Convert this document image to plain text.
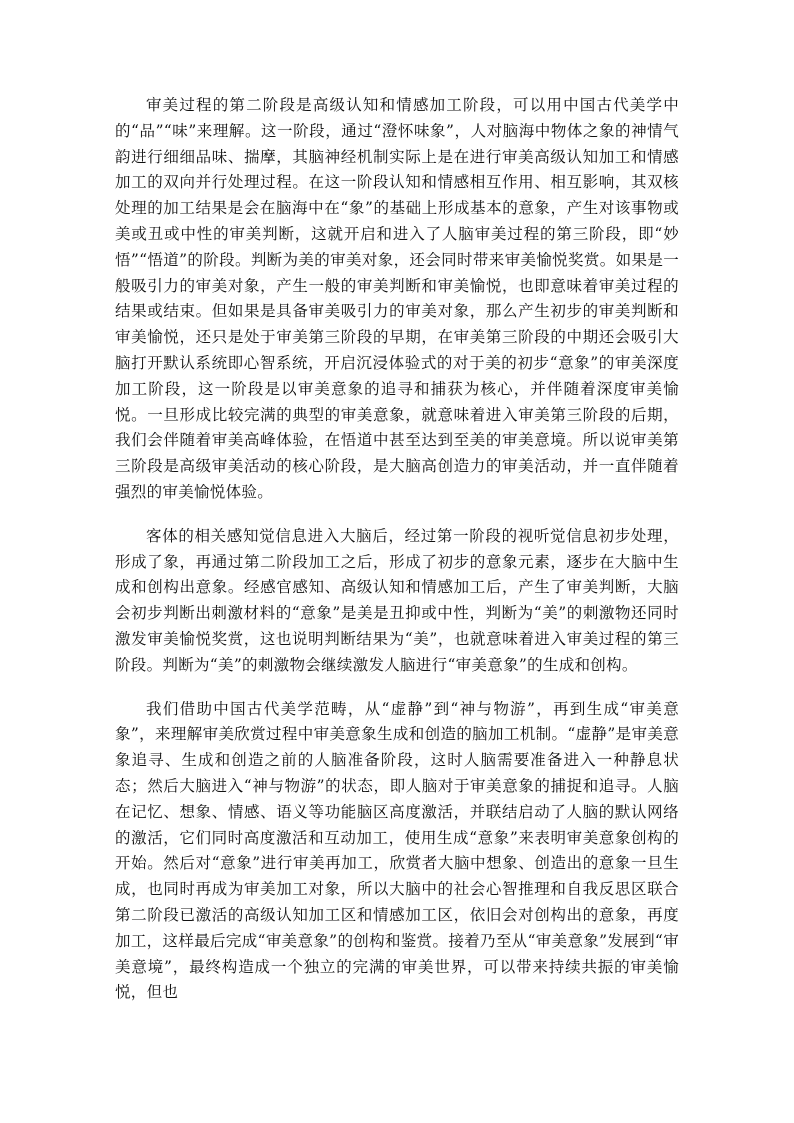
审美过程的第二阶段是高级认知和情感加工阶段，可以用中国古代美学中的“品”“味”来理解。这一阶段，通过“澄怀味象”，人对脑海中物体之象的神情气韵进行细细品味、揣摩，其脑神经机制实际上是在进行审美高级认知加工和情感加工的双向并行处理过程。在这一阶段认知和情感相互作用、相互影响，其双核处理的加工结果是会在脑海中在“象”的基础上形成基本的意象，产生对该事物或美或丑或中性的审美判断，这就开启和进入了人脑审美过程的第三阶段，即“妙悟”“悟道”的阶段。判断为美的审美对象，还会同时带来审美愉悦奖赏。如果是一般吸引力的审美对象，产生一般的审美判断和审美愉悦，也即意味着审美过程的结果或结束。但如果是具备审美吸引力的审美对象，那么产生初步的审美判断和审美愉悦，还只是处于审美第三阶段的早期，在审美第三阶段的中期还会吸引大脑打开默认系统即心智系统，开启沉浸体验式的对于美的初步“意象”的审美深度加工阶段，这一阶段是以审美意象的追寻和捕获为核心，并伴随着深度审美愉悦。一旦形成比较完满的典型的审美意象，就意味着进入审美第三阶段的后期，我们会伴随着审美高峰体验，在悟道中甚至达到至美的审美意境。所以说审美第三阶段是高级审美活动的核心阶段，是大脑高创造力的审美活动，并一直伴随着强烈的审美愉悦体验。

客体的相关感知觉信息进入大脑后，经过第一阶段的视听觉信息初步处理，形成了象，再通过第二阶段加工之后，形成了初步的意象元素，逐步在大脑中生成和创构出意象。经感官感知、高级认知和情感加工后，产生了审美判断，大脑会初步判断出刺激材料的“意象”是美是丑抑或中性，判断为“美”的刺激物还同时激发审美愉悦奖赏，这也说明判断结果为“美”，也就意味着进入审美过程的第三阶段。判断为“美”的刺激物会继续激发人脑进行“审美意象”的生成和创构。

我们借助中国古代美学范畴，从“虚静”到“神与物游”，再到生成“审美意象”，来理解审美欣赏过程中审美意象生成和创造的脑加工机制。“虚静”是审美意象追寻、生成和创造之前的人脑准备阶段，这时人脑需要准备进入一种静息状态；然后大脑进入“神与物游”的状态，即人脑对于审美意象的捕捉和追寻。人脑在记忆、想象、情感、语义等功能脑区高度激活，并联结启动了人脑的默认网络的激活，它们同时高度激活和互动加工，使用生成“意象”来表明审美意象创构的开始。然后对“意象”进行审美再加工，欣赏者大脑中想象、创造出的意象一旦生成，也同时再成为审美加工对象，所以大脑中的社会心智推理和自我反思区联合第二阶段已激活的高级认知加工区和情感加工区，依旧会对创构出的意象，再度加工，这样最后完成“审美意象”的创构和鉴赏。接着乃至从“审美意象”发展到“审美意境”，最终构造成一个独立的完满的审美世界，可以带来持续共振的审美愉悦，但也
